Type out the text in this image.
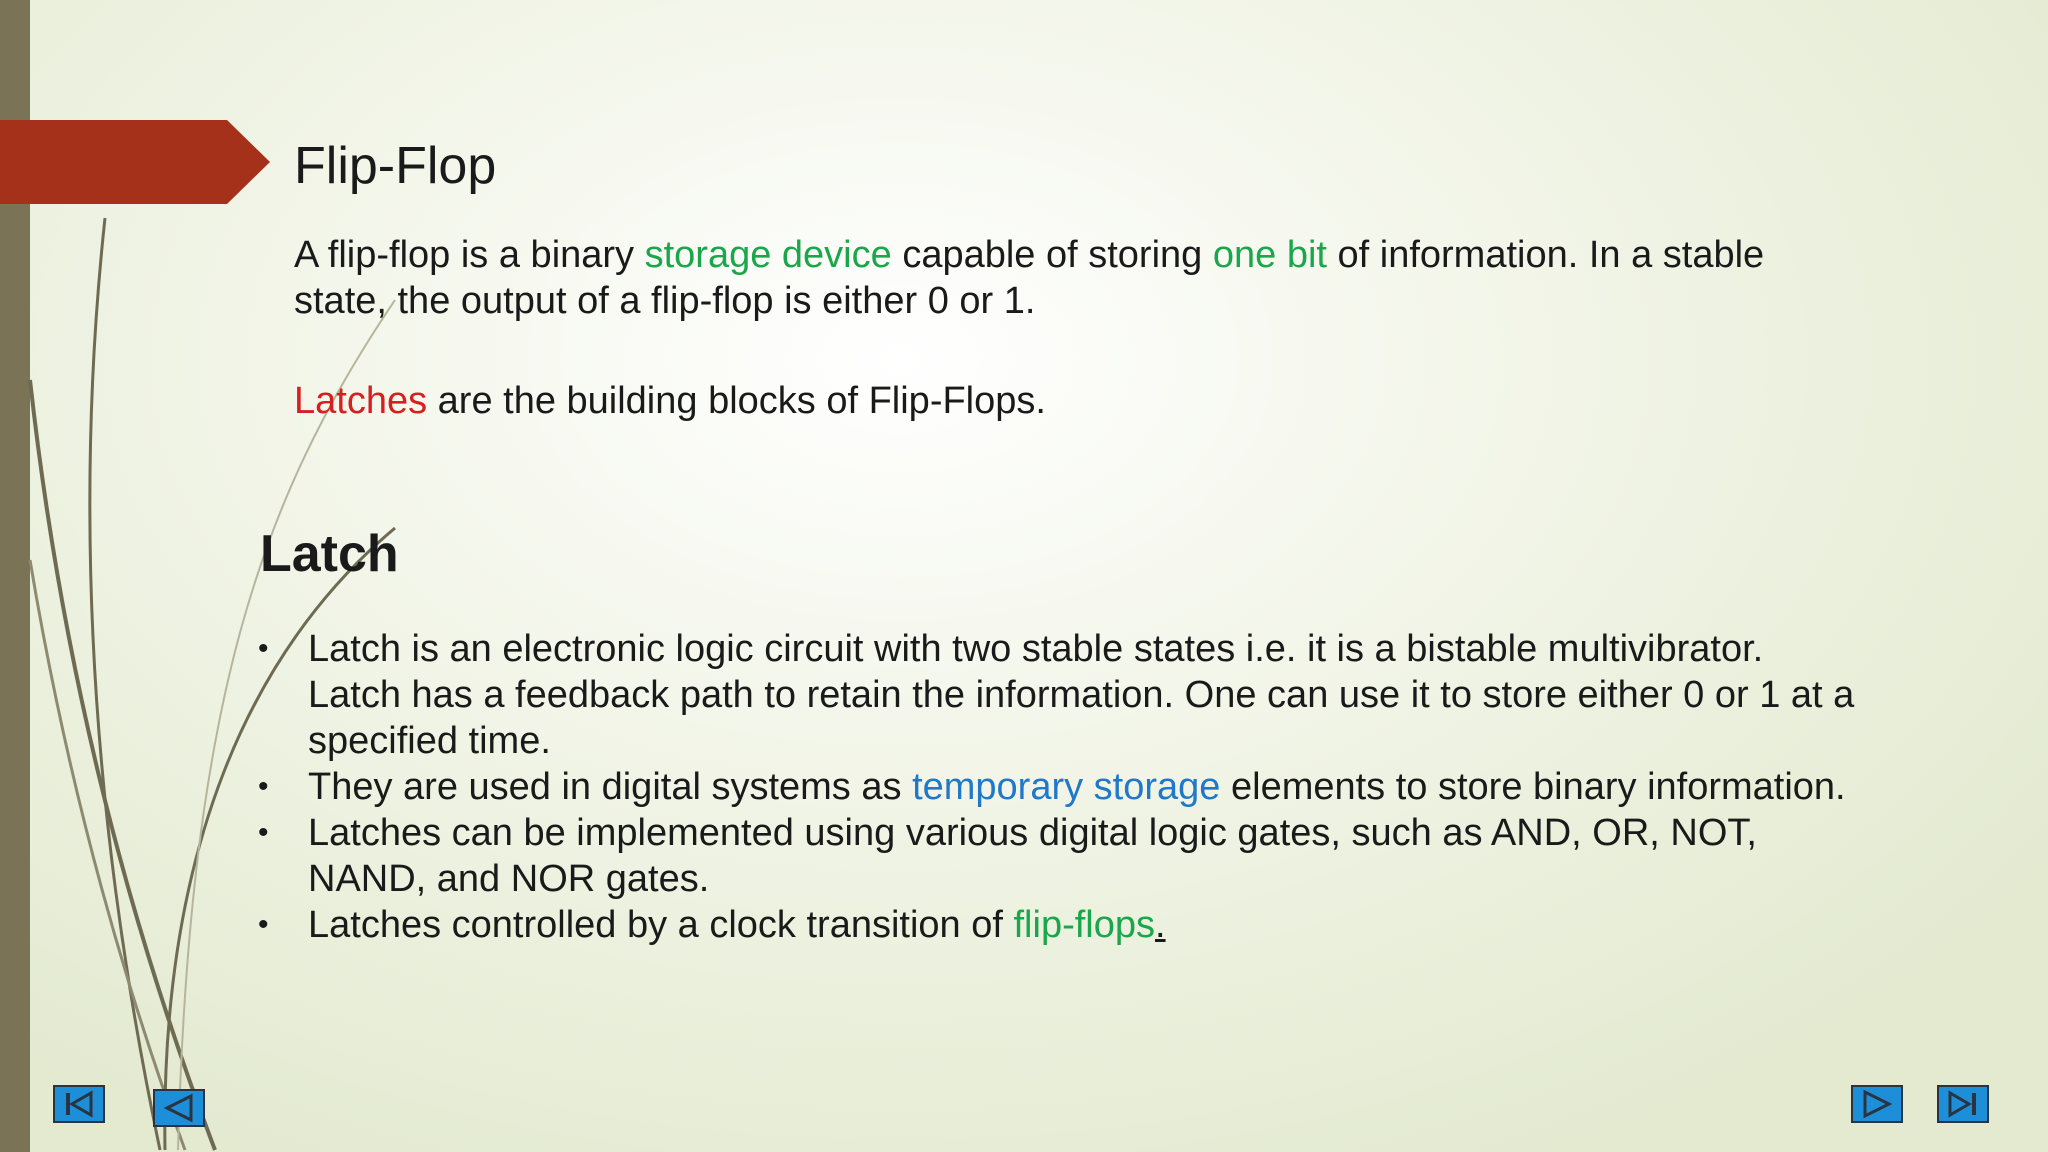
Flip-Flop

A flip-flop is a binary storage device capable of storing one bit of information. In a stable state, the output of a flip-flop is either 0 or 1.

Latches are the building blocks of Flip-Flops.

Latch
• Latch is an electronic logic circuit with two stable states i.e. it is a bistable multivibrator. Latch has a feedback path to retain the information. One can use it to store either 0 or 1 at a specified time.
• They are used in digital systems as temporary storage elements to store binary information.
• Latches can be implemented using various digital logic gates, such as AND, OR, NOT, NAND, and NOR gates.
• Latches controlled by a clock transition of flip-flops.
